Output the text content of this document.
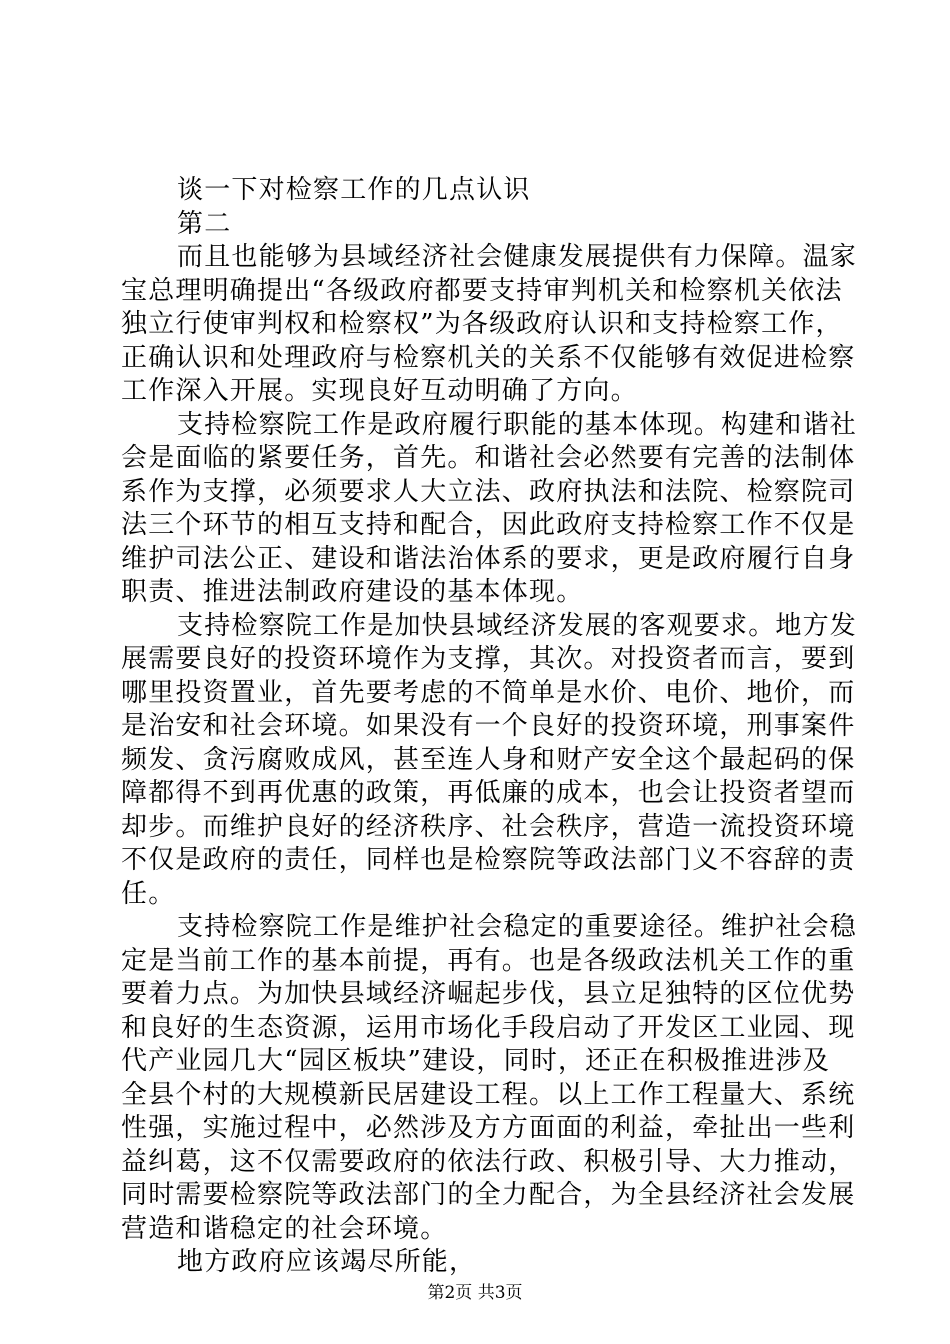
谈一下对检察工作的几点认识
第二
而且也能够为县域经济社会健康发展提供有力保障。温家
宝总理明确提出“各级政府都要支持审判机关和检察机关依法
独立行使审判权和检察权”为各级政府认识和支持检察工作，
正确认识和处理政府与检察机关的关系不仅能够有效促进检察
工作深入开展。实现良好互动明确了方向。
支持检察院工作是政府履行职能的基本体现。构建和谐社
会是面临的紧要任务，首先。和谐社会必然要有完善的法制体
系作为支撑，必须要求人大立法、政府执法和法院、检察院司
法三个环节的相互支持和配合，因此政府支持检察工作不仅是
维护司法公正、建设和谐法治体系的要求，更是政府履行自身
职责、推进法制政府建设的基本体现。
支持检察院工作是加快县域经济发展的客观要求。地方发
展需要良好的投资环境作为支撑，其次。对投资者而言，要到
哪里投资置业，首先要考虑的不简单是水价、电价、地价，而
是治安和社会环境。如果没有一个良好的投资环境，刑事案件
频发、贪污腐败成风，甚至连人身和财产安全这个最起码的保
障都得不到再优惠的政策，再低廉的成本，也会让投资者望而
却步。而维护良好的经济秩序、社会秩序，营造一流投资环境
不仅是政府的责任，同样也是检察院等政法部门义不容辞的责
任。
支持检察院工作是维护社会稳定的重要途径。维护社会稳
定是当前工作的基本前提，再有。也是各级政法机关工作的重
要着力点。为加快县域经济崛起步伐，县立足独特的区位优势
和良好的生态资源，运用市场化手段启动了开发区工业园、现
代产业园几大“园区板块”建设，同时，还正在积极推进涉及
全县个村的大规模新民居建设工程。以上工作工程量大、系统
性强，实施过程中，必然涉及方方面面的利益，牵扯出一些利
益纠葛，这不仅需要政府的依法行政、积极引导、大力推动，
同时需要检察院等政法部门的全力配合，为全县经济社会发展
营造和谐稳定的社会环境。
地方政府应该竭尽所能，
第2页 共3页
